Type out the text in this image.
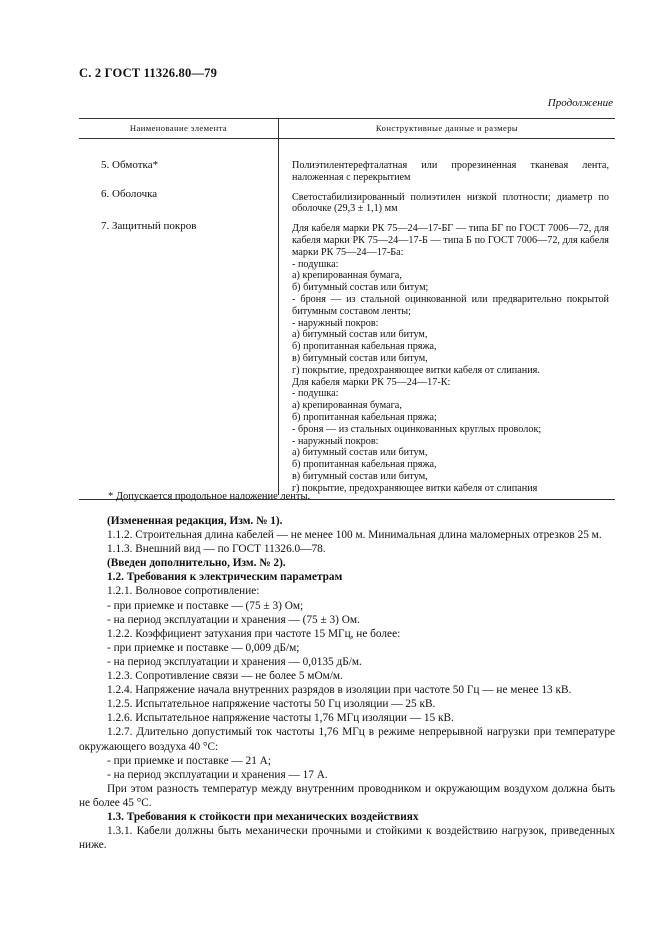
С. 2 ГОСТ 11326.80—79
Продолжение
Наименование элемента	Конструктивные данные и размеры
5. Обмотка*
6. Оболочка
7. Защитный покров

Полиэтилентерефталатная или прорезиненная тканевая лента, наложенная с перекрытием

Светостабилизированный полиэтилен низкой плотности; диаметр по оболочке (29,3 ± 1,1) мм

Для кабеля марки РК 75—24—17-БГ — типа БГ по ГОСТ 7006—72, для кабеля марки РК 75—24—17-Б — типа Б по ГОСТ 7006—72, для кабеля марки РК 75—24—17-Ба:

- подушка:

а) крепированная бумага,

б) битумный состав или битум;

- броня — из стальной оцинкованной или предварительно покрытой битумным составом ленты;

- наружный покров:

а) битумный состав или битум,

б) пропитанная кабельная пряжа,

в) битумный состав или битум,

г) покрытие, предохраняющее витки кабеля от слипания.

Для кабеля марки РК 75—24—17-К:

- подушка:

а) крепированная бумага,

б) пропитанная кабельная пряжа;

- броня — из стальных оцинкованных круглых проволок;

- наружный покров:

а) битумный состав или битум,

б) пропитанная кабельная пряжа,

в) битумный состав или битум,

г) покрытие, предохраняющее витки кабеля от слипания

* Допускается продольное наложение ленты.

(Измененная редакция, Изм. № 1).

1.1.2. Строительная длина кабелей — не менее 100 м. Минимальная длина маломерных отрезков 25 м.

1.1.3. Внешний вид — по ГОСТ 11326.0—78.

(Введен дополнительно, Изм. № 2).

1.2. Требования к электрическим параметрам

1.2.1. Волновое сопротивление:

- при приемке и поставке — (75 ± 3) Ом;

- на период эксплуатации и хранения — (75 ± 3) Ом.

1.2.2. Коэффициент затухания при частоте 15 МГц, не более:

- при приемке и поставке — 0,009 дБ/м;

- на период эксплуатации и хранения — 0,0135 дБ/м.

1.2.3. Сопротивление связи — не более 5 мОм/м.

1.2.4. Напряжение начала внутренних разрядов в изоляции при частоте 50 Гц — не менее 13 кВ.

1.2.5. Испытательное напряжение частоты 50 Гц изоляции — 25 кВ.

1.2.6. Испытательное напряжение частоты 1,76 МГц изоляции — 15 кВ.

1.2.7. Длительно допустимый ток частоты 1,76 МГц в режиме непрерывной нагрузки при температуре окружающего воздуха 40 °С:

- при приемке и поставке — 21 А;

- на период эксплуатации и хранения — 17 А.

При этом разность температур между внутренним проводником и окружающим воздухом должна быть не более 45 °С.

1.3. Требования к стойкости при механических воздействиях

1.3.1. Кабели должны быть механически прочными и стойкими к воздействию нагрузок, приведенных ниже.
